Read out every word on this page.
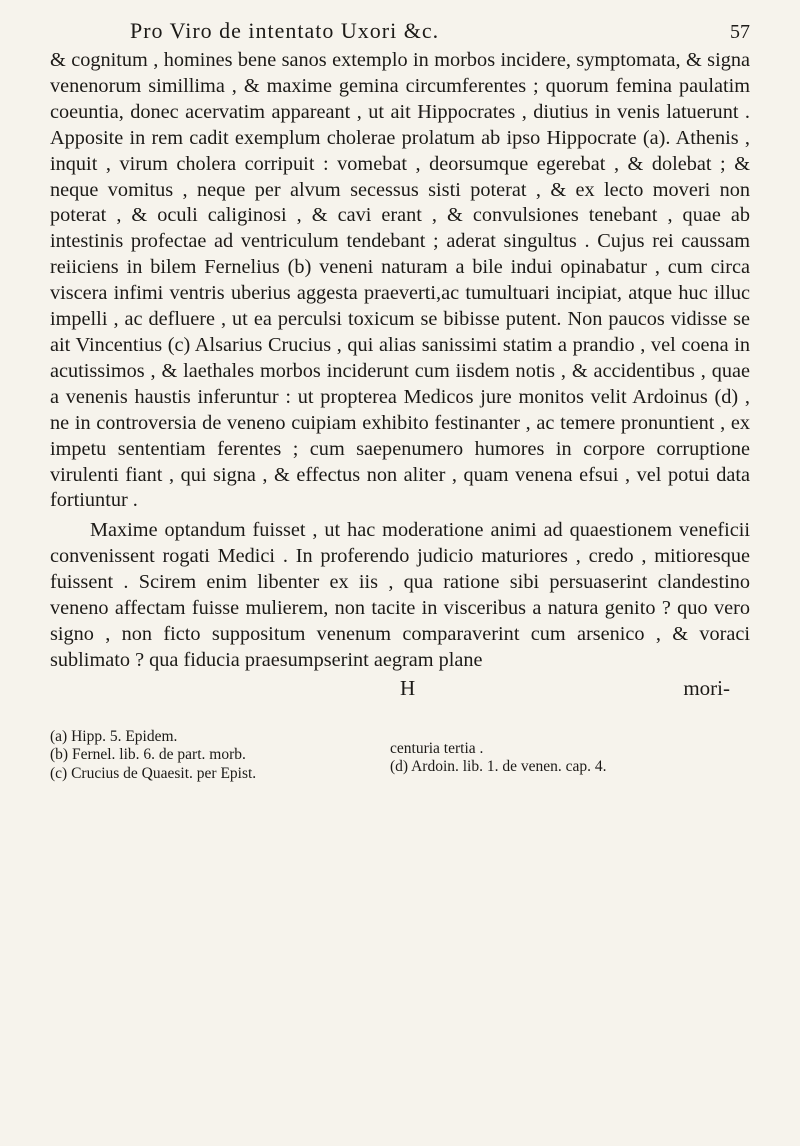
Pro Viro de intentato Uxori &c.	57

& cognitum , homines bene sanos extemplo in morbos incidere, symptomata, & signa venenorum simillima , & maxime gemina circumferentes ; quorum femina paulatim coeuntia, donec acervatim appareant , ut ait Hippocrates , diutius in venis latuerunt . Apposite in rem cadit exemplum cholerae prolatum ab ipso Hippocrate (a). Athenis , inquit , virum cholera corripuit : vomebat , deorsumque egerebat , & dolebat ; & neque vomitus , neque per alvum secessus sisti poterat , & ex lecto moveri non poterat , & oculi caliginosi , & cavi erant , & convulsiones tenebant , quae ab intestinis profectae ad ventriculum tendebant ; aderat singultus . Cujus rei caussam reiiciens in bilem Fernelius (b) veneni naturam a bile indui opinabatur , cum circa viscera infimi ventris uberius aggesta praeverti,ac tumultuari incipiat, atque huc illuc impelli , ac defluere , ut ea perculsi toxicum se bibisse putent. Non paucos vidisse se ait Vincentius (c) Alsarius Crucius , qui alias sanissimi statim a prandio , vel coena in acutissimos , & laethales morbos inciderunt cum iisdem notis , & accidentibus , quae a venenis haustis inferuntur : ut propterea Medicos jure monitos velit Ardoinus (d) , ne in controversia de veneno cuipiam exhibito festinanter , ac temere pronuntient , ex impetu sententiam ferentes ; cum saepenumero humores in corpore corruptione virulenti fiant , qui signa , & effectus non aliter , quam venena efsui , vel potui data fortiuntur .

Maxime optandum fuisset , ut hac moderatione animi ad quaestionem veneficii convenissent rogati Medici . In proferendo judicio maturiores , credo , mitioresque fuissent . Scirem enim libenter ex iis , qua ratione sibi persuaserint clandestino veneno affectam fuisse mulierem, non tacite in visceribus a natura genito ? quo vero signo , non ficto suppositum venenum comparaverint cum arsenico , & voraci sublimato ? qua fiducia praesumpserint aegram plane

H	mori-
(a) Hipp. 5. Epidem.
(b) Fernel. lib. 6. de part. morb.
(c) Crucius de Quaesit. per Epist.
centuria tertia .
(d) Ardoin. lib. 1. de venen. cap. 4.
